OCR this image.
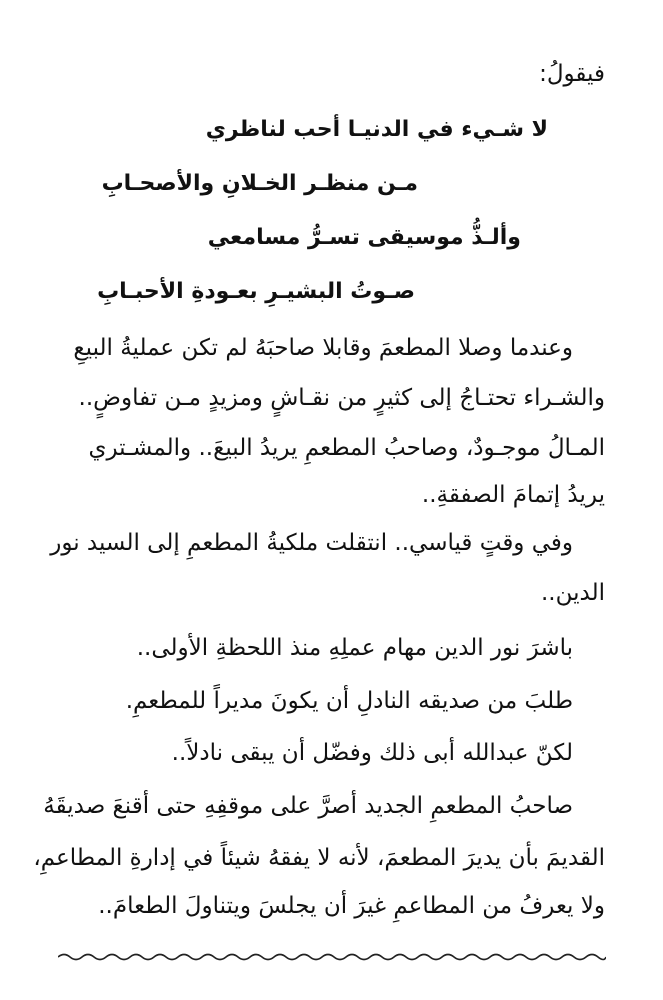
فيقولُ:
لا شـيء في الدنيـا أحب لناظري
مـن منظـر الخـلانِ والأصحـابِ
وألـذُّ موسيقى تسـرُّ مسامعي
صـوتُ البشيـرِ بعـودةِ الأحبـابِ
وعندما وصلا المطعمَ وقابلا صاحبَهُ لم تكن عمليةُ البيعِ
والشـراء تحتـاجُ إلى كثيرٍ من نقـاشٍ ومزيدٍ مـن تفاوضٍ..
المـالُ موجـودٌ، وصاحبُ المطعمِ يريدُ البيعَ.. والمشـتري
يريدُ إتمامَ الصفقةِ..
وفي وقتٍ قياسي.. انتقلت ملكيةُ المطعمِ إلى السيد نور
الدين..
باشرَ نور الدين مهام عملِهِ منذ اللحظةِ الأولى..
طلبَ من صديقه النادلِ أن يكونَ مديراً للمطعمِ.
لكنّ عبدالله أبى ذلك وفضّل أن يبقى نادلاً..
صاحبُ المطعمِ الجديد أصرَّ على موقفِهِ حتى أقنعَ صديقَهُ
القديمَ بأن يديرَ المطعمَ، لأنه لا يفقهُ شيئاً في إدارةِ المطاعمِ،
ولا يعرفُ من المطاعمِ غيرَ أن يجلسَ ويتناولَ الطعامَ..
